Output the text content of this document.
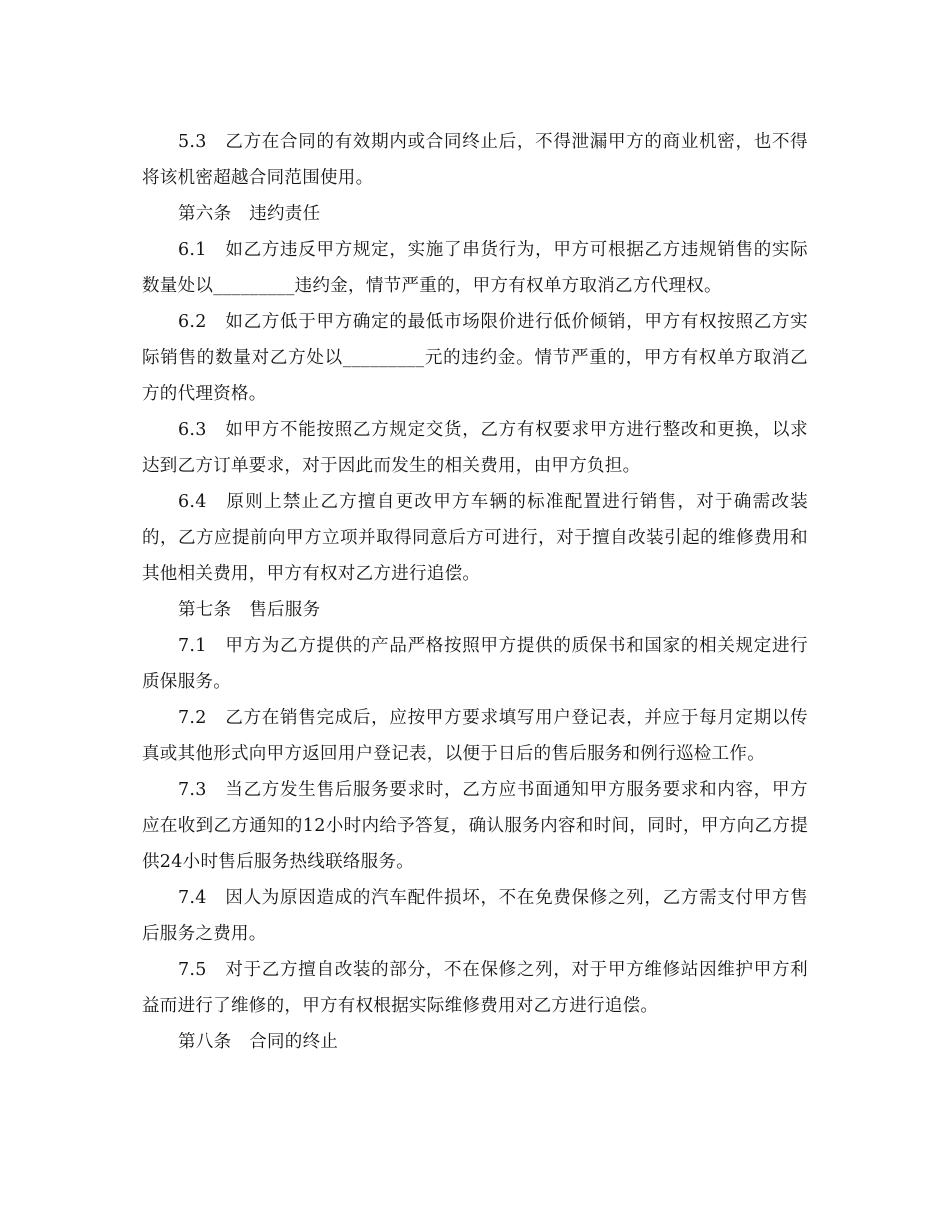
5.3　乙方在合同的有效期内或合同终止后，不得泄漏甲方的商业机密，也不得将该机密超越合同范围使用。

第六条　违约责任

6.1　如乙方违反甲方规定，实施了串货行为，甲方可根据乙方违规销售的实际数量处以_________违约金，情节严重的，甲方有权单方取消乙方代理权。

6.2　如乙方低于甲方确定的最低市场限价进行低价倾销，甲方有权按照乙方实际销售的数量对乙方处以_________元的违约金。情节严重的，甲方有权单方取消乙方的代理资格。

6.3　如甲方不能按照乙方规定交货，乙方有权要求甲方进行整改和更换，以求达到乙方订单要求，对于因此而发生的相关费用，由甲方负担。

6.4　原则上禁止乙方擅自更改甲方车辆的标准配置进行销售，对于确需改装的，乙方应提前向甲方立项并取得同意后方可进行，对于擅自改装引起的维修费用和其他相关费用，甲方有权对乙方进行追偿。

第七条　售后服务

7.1　甲方为乙方提供的产品严格按照甲方提供的质保书和国家的相关规定进行质保服务。

7.2　乙方在销售完成后，应按甲方要求填写用户登记表，并应于每月定期以传真或其他形式向甲方返回用户登记表，以便于日后的售后服务和例行巡检工作。

7.3　当乙方发生售后服务要求时，乙方应书面通知甲方服务要求和内容，甲方应在收到乙方通知的12小时内给予答复，确认服务内容和时间，同时，甲方向乙方提供24小时售后服务热线联络服务。

7.4　因人为原因造成的汽车配件损坏，不在免费保修之列，乙方需支付甲方售后服务之费用。

7.5　对于乙方擅自改装的部分，不在保修之列，对于甲方维修站因维护甲方利益而进行了维修的，甲方有权根据实际维修费用对乙方进行追偿。

第八条　合同的终止
